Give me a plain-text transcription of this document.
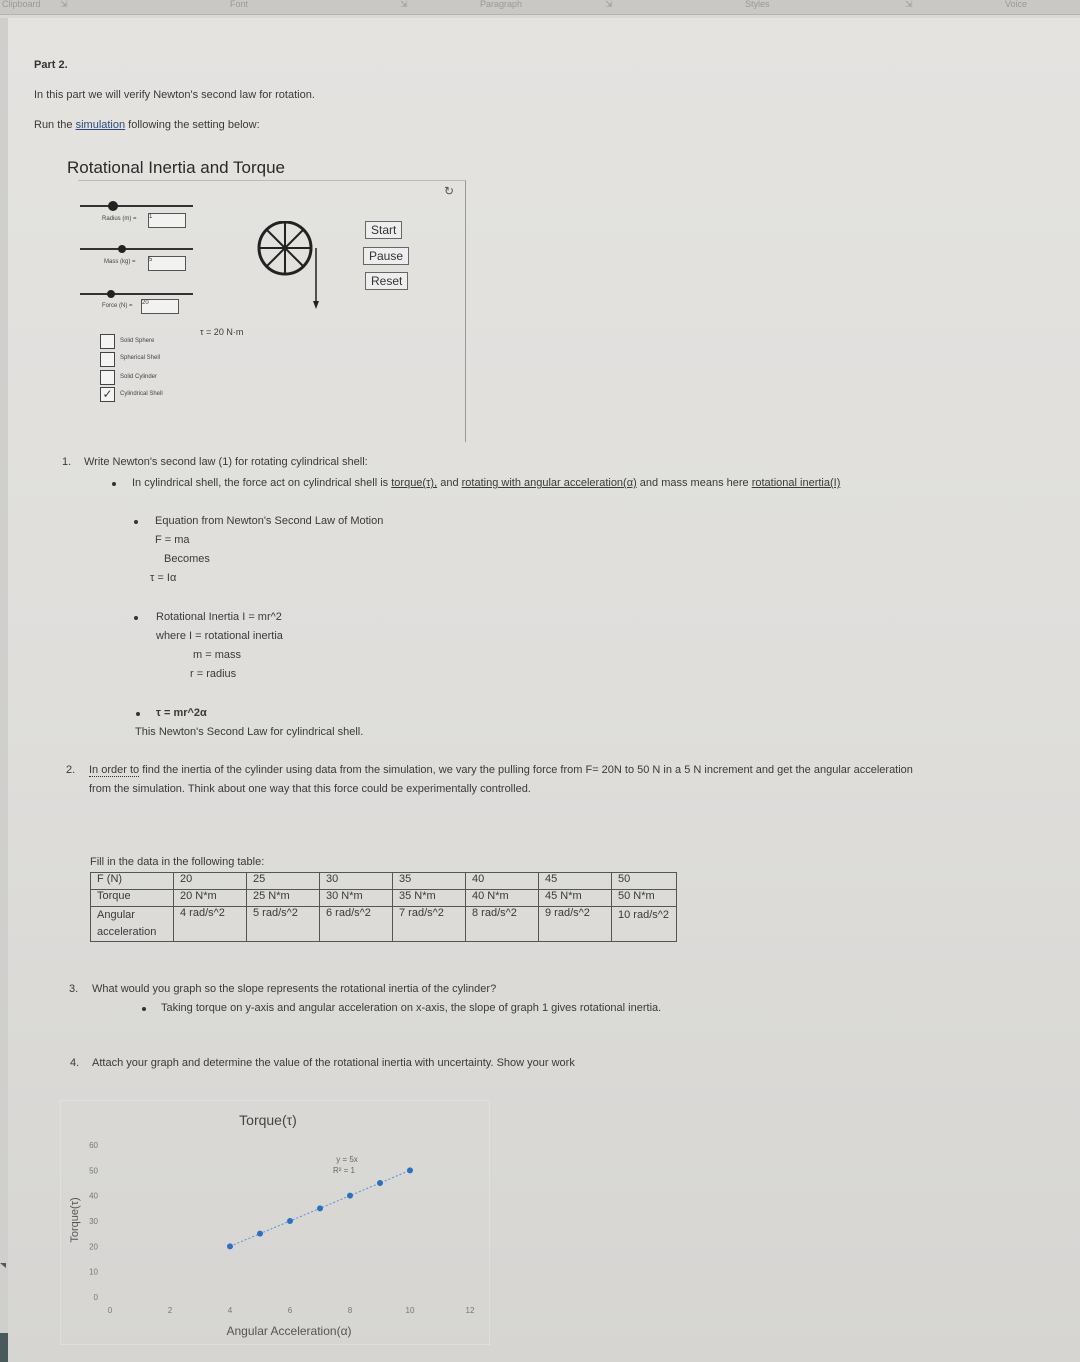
Clipboard ⇲	Font	⇲	Paragraph	⇲	Styles	⇲	Voice
Part 2.
In this part we will verify Newton's second law for rotation.
Run the simulation following the setting below:
Rotational Inertia and Torque
Radius (m) = 1
Mass (kg) = 5
Force (N) = 20
Start
Pause
Reset
↻
τ = 20 N·m
Solid Sphere
Spherical Shell
Solid Cylinder
✓	Cylindrical Shell
1. Write Newton's second law (1) for rotating cylindrical shell:
In cylindrical shell, the force act on cylindrical shell is torque(τ), and rotating with angular acceleration(α) and mass means here rotational inertia(I)
Equation from Newton's Second Law of Motion
F = ma
Becomes
τ = Iα
Rotational Inertia I = mr^2
where I = rotational inertia
m = mass
r = radius
τ = mr^2α
This Newton's Second Law for cylindrical shell.
2. In order to find the inertia of the cylinder using data from the simulation, we vary the pulling force from F= 20N to 50 N in a 5 N increment and get the angular acceleration
from the simulation. Think about one way that this force could be experimentally controlled.
Fill in the data in the following table:
F (N)	20	25	30	35	40	45	50
Torque	20 N*m	25 N*m	30 N*m	35 N*m	40 N*m	45 N*m	50 N*m
Angular acceleration	4 rad/s^2	5 rad/s^2	6 rad/s^2	7 rad/s^2	8 rad/s^2	9 rad/s^2	10 rad/s^2
3. What would you graph so the slope represents the rotational inertia of the cylinder?
Taking torque on y-axis and angular acceleration on x-axis, the slope of graph 1 gives rotational inertia.
4. Attach your graph and determine the value of the rotational inertia with uncertainty. Show your work
Torque(τ)
Angular Acceleration(α)
Torque(τ)
0	2	4	6	8	10	12
0
10
20
30
40
50
60
y = 5x
R² = 1
